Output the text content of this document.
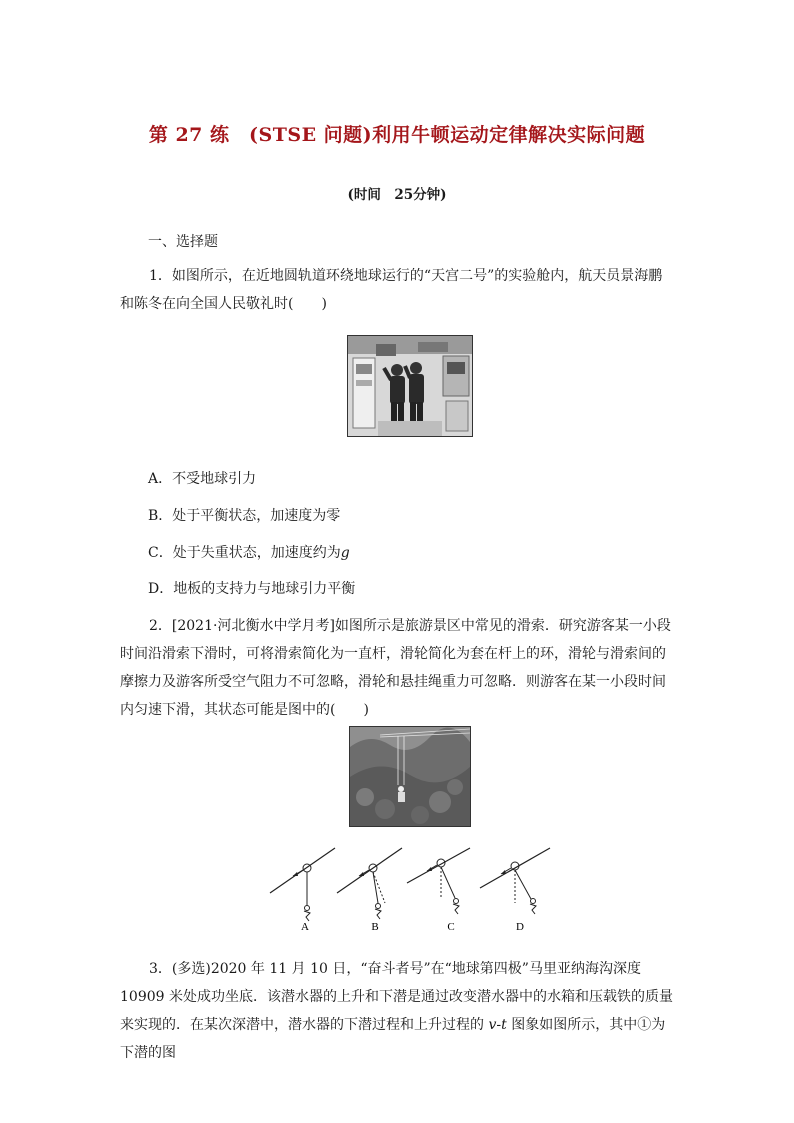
第 27 练　(STSE 问题)利用牛顿运动定律解决实际问题
(时间　25分钟)
一、选择题
1．如图所示，在近地圆轨道环绕地球运行的“天宫二号”的实验舱内，航天员景海鹏和陈冬在向全国人民敬礼时(　　)
A．不受地球引力
B．处于平衡状态，加速度为零
C．处于失重状态，加速度约为g
D．地板的支持力与地球引力平衡
2．[2021·河北衡水中学月考]如图所示是旅游景区中常见的滑索．研究游客某一小段时间沿滑索下滑时，可将滑索简化为一直杆，滑轮简化为套在杆上的环，滑轮与滑索间的摩擦力及游客所受空气阻力不可忽略，滑轮和悬挂绳重力可忽略．则游客在某一小段时间内匀速下滑，其状态可能是图中的(　　)
A	B	C	D
3．(多选)2020 年 11 月 10 日，“奋斗者号”在“地球第四极”马里亚纳海沟深度 10909 米处成功坐底．该潜水器的上升和下潜是通过改变潜水器中的水箱和压载铁的质量来实现的．在某次深潜中，潜水器的下潜过程和上升过程的 v-t 图象如图所示，其中①为下潜的图
